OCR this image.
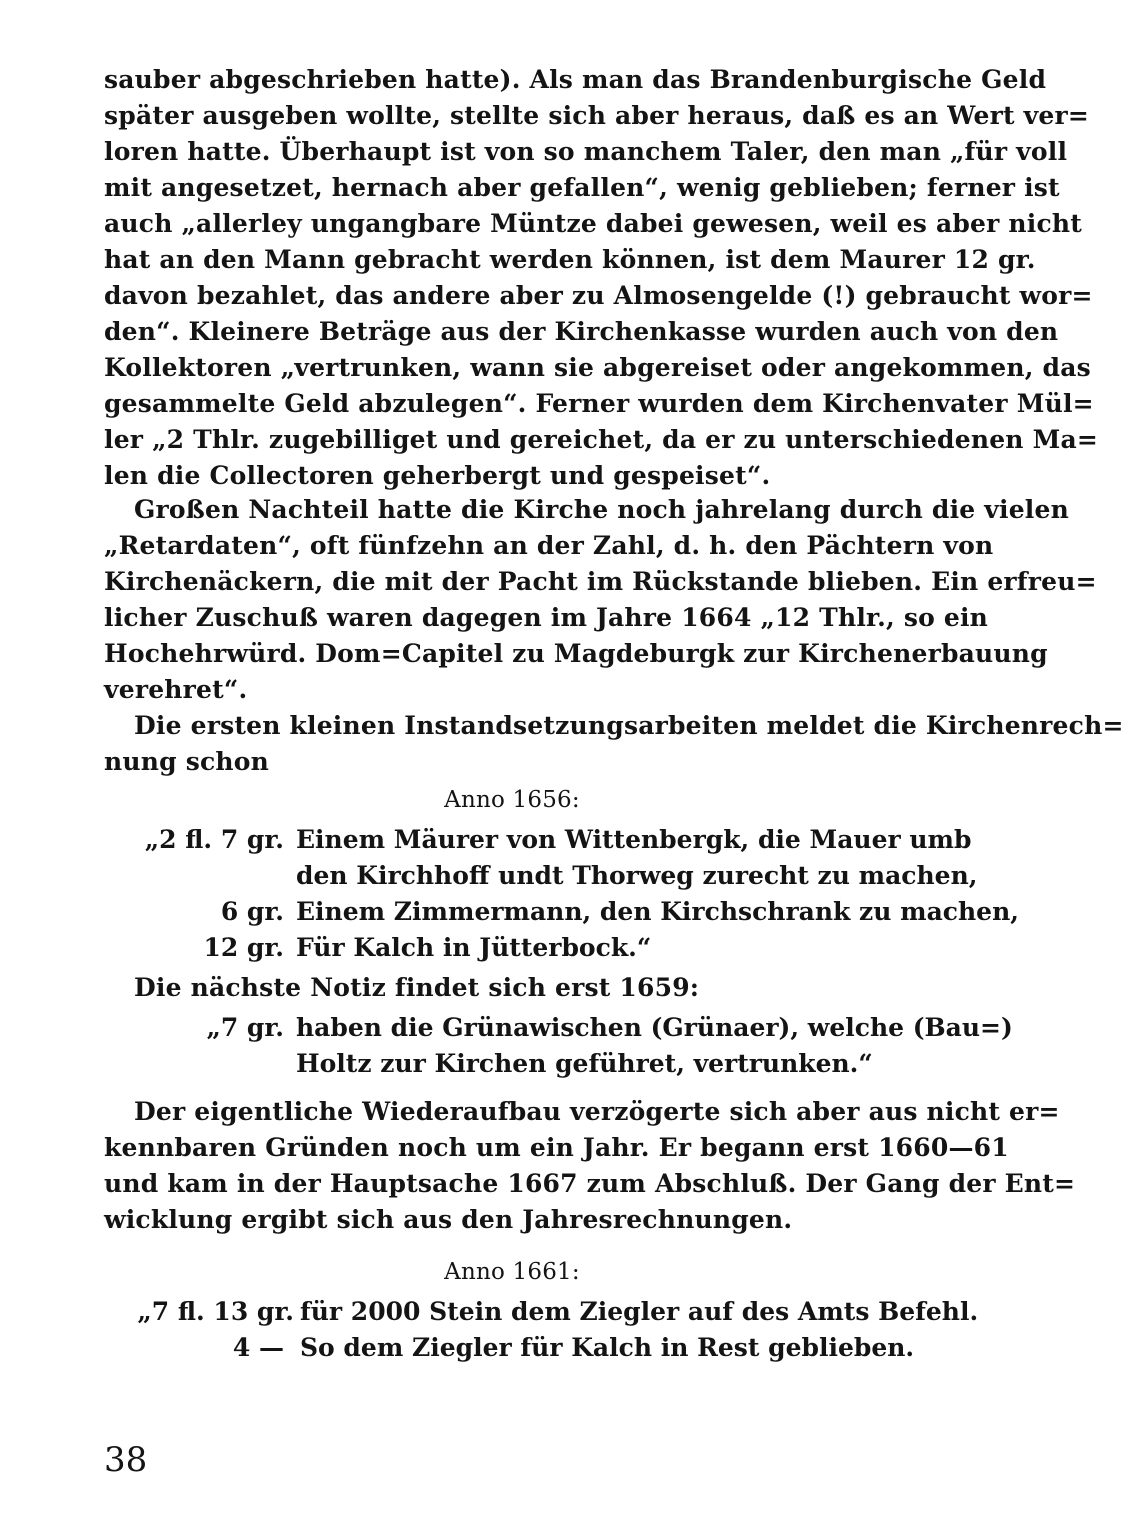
sauber abgeschrieben hatte). Als man das Brandenburgische Geld
später ausgeben wollte, stellte sich aber heraus, daß es an Wert ver=
loren hatte. Überhaupt ist von so manchem Taler, den man „für voll
mit angesetzet, hernach aber gefallen“, wenig geblieben; ferner ist
auch „allerley ungangbare Müntze dabei gewesen, weil es aber nicht
hat an den Mann gebracht werden können, ist dem Maurer 12 gr.
davon bezahlet, das andere aber zu Almosengelde (!) gebraucht wor=
den“. Kleinere Beträge aus der Kirchenkasse wurden auch von den
Kollektoren „vertrunken, wann sie abgereiset oder angekommen, das
gesammelte Geld abzulegen“. Ferner wurden dem Kirchenvater Mül=
ler „2 Thlr. zugebilliget und gereichet, da er zu unterschiedenen Ma=
len die Collectoren geherbergt und gespeiset“.
Großen Nachteil hatte die Kirche noch jahrelang durch die vielen
„Retardaten“, oft fünfzehn an der Zahl, d. h. den Pächtern von
Kirchenäckern, die mit der Pacht im Rückstande blieben. Ein erfreu=
licher Zuschuß waren dagegen im Jahre 1664 „12 Thlr., so ein
Hochehrwürd. Dom=Capitel zu Magdeburgk zur Kirchenerbauung
verehret“.
Die ersten kleinen Instandsetzungsarbeiten meldet die Kirchenrech=
nung schon
Anno 1656:
„2 fl. 7 gr. Einem Mäurer von Wittenbergk, die Mauer umb
den Kirchhoff undt Thorweg zurecht zu machen,
6 gr. Einem Zimmermann, den Kirchschrank zu machen,
12 gr. Für Kalch in Jütterbock.“
Die nächste Notiz findet sich erst 1659:
„7 gr. haben die Grünawischen (Grünaer), welche (Bau=)
Holtz zur Kirchen geführet, vertrunken.“
Der eigentliche Wiederaufbau verzögerte sich aber aus nicht er=
kennbaren Gründen noch um ein Jahr. Er begann erst 1660—61
und kam in der Hauptsache 1667 zum Abschluß. Der Gang der Ent=
wicklung ergibt sich aus den Jahresrechnungen.
Anno 1661:
„7 fl. 13 gr. für 2000 Stein dem Ziegler auf des Amts Befehl.
4 — So dem Ziegler für Kalch in Rest geblieben.
38
